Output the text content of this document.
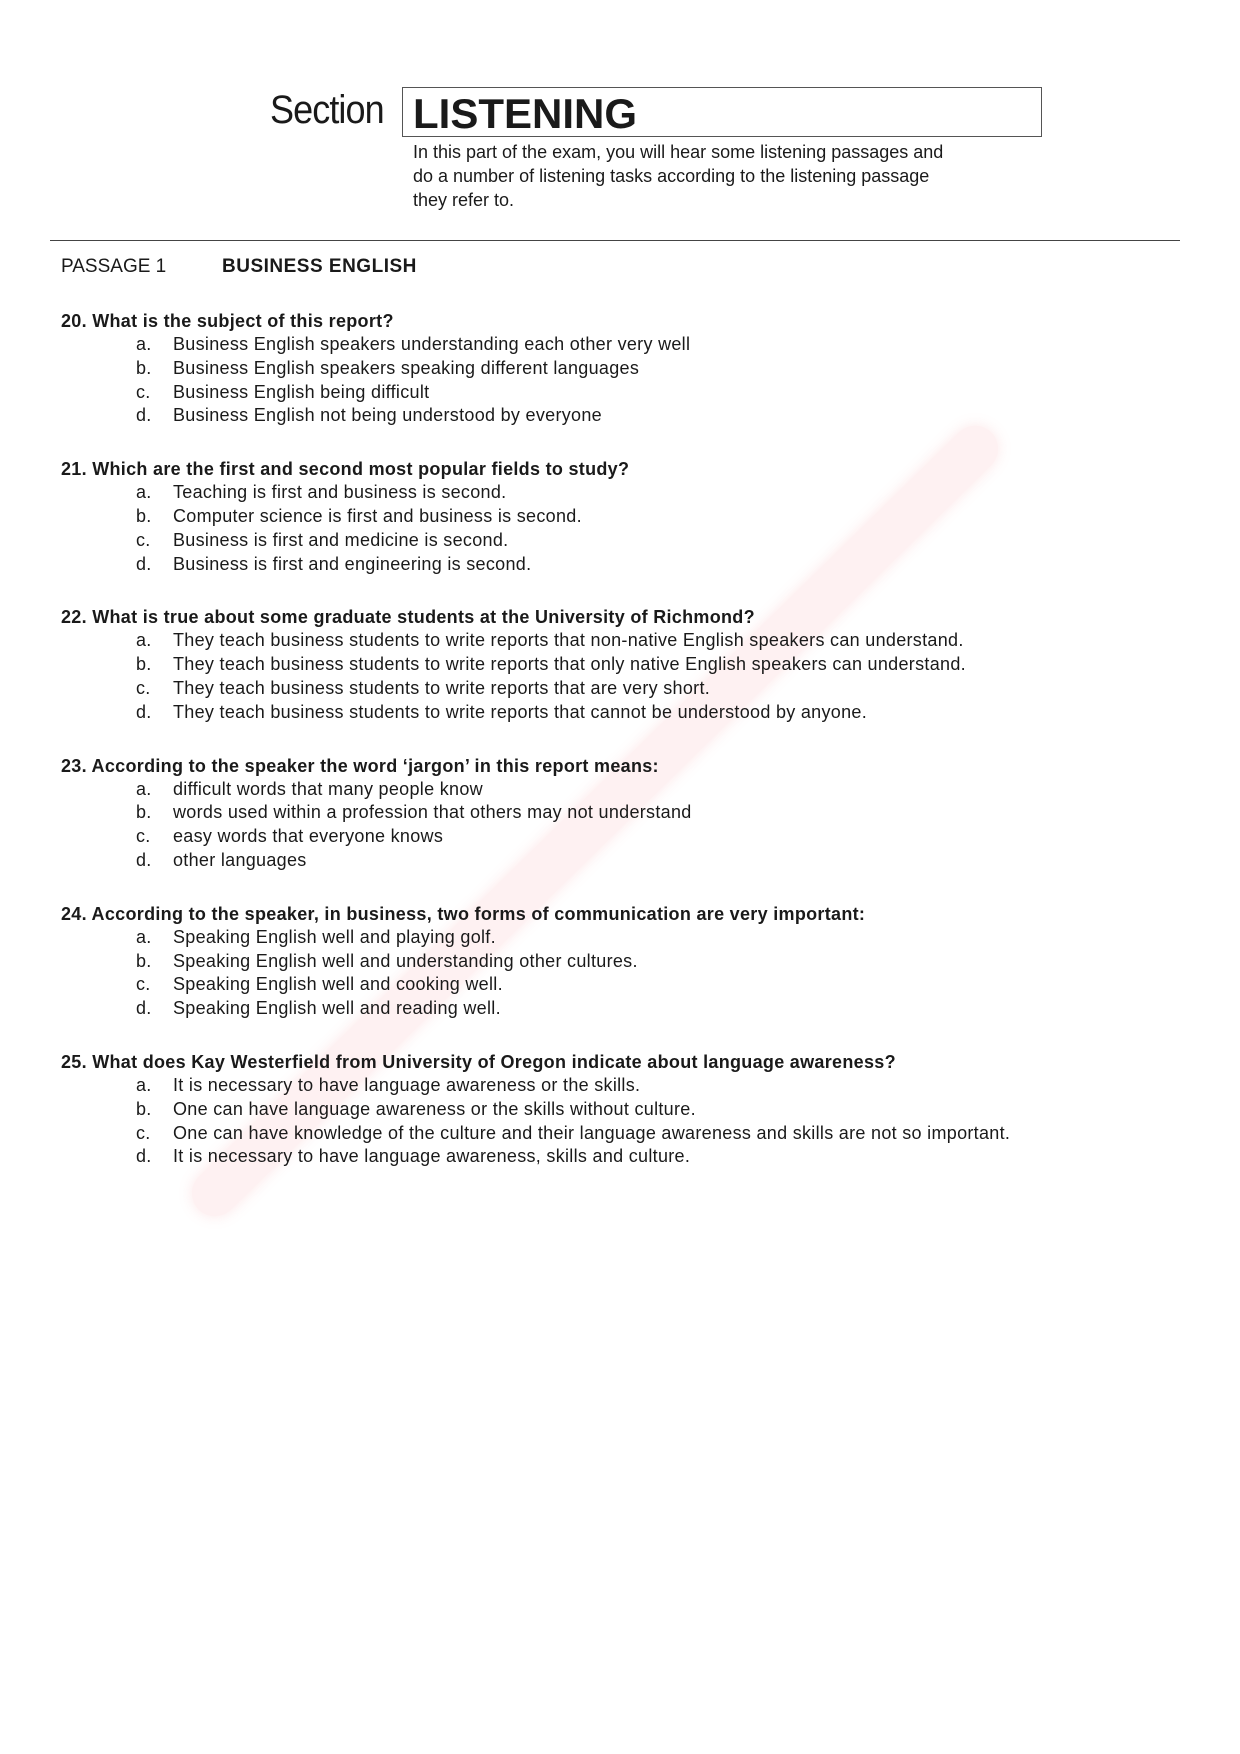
Section LISTENING
In this part of the exam, you will hear some listening passages and
do a number of listening tasks according to the listening passage
they refer to.
PASSAGE 1	BUSINESS ENGLISH
20. What is the subject of this report?
a. Business English speakers understanding each other very well
b. Business English speakers speaking different languages
c. Business English being difficult
d. Business English not being understood by everyone
21. Which are the first and second most popular fields to study?
a. Teaching is first and business is second.
b. Computer science is first and business is second.
c. Business is first and medicine is second.
d. Business is first and engineering is second.
22. What is true about some graduate students at the University of Richmond?
a. They teach business students to write reports that non-native English speakers can understand.
b. They teach business students to write reports that only native English speakers can understand.
c. They teach business students to write reports that are very short.
d. They teach business students to write reports that cannot be understood by anyone.
23. According to the speaker the word ‘jargon’ in this report means:
a. difficult words that many people know
b. words used within a profession that others may not understand
c. easy words that everyone knows
d. other languages
24. According to the speaker, in business, two forms of communication are very important:
a. Speaking English well and playing golf.
b. Speaking English well and understanding other cultures.
c. Speaking English well and cooking well.
d. Speaking English well and reading well.
25. What does Kay Westerfield from University of Oregon indicate about language awareness?
a. It is necessary to have language awareness or the skills.
b. One can have language awareness or the skills without culture.
c. One can have knowledge of the culture and their language awareness and skills are not so important.
d. It is necessary to have language awareness, skills and culture.
